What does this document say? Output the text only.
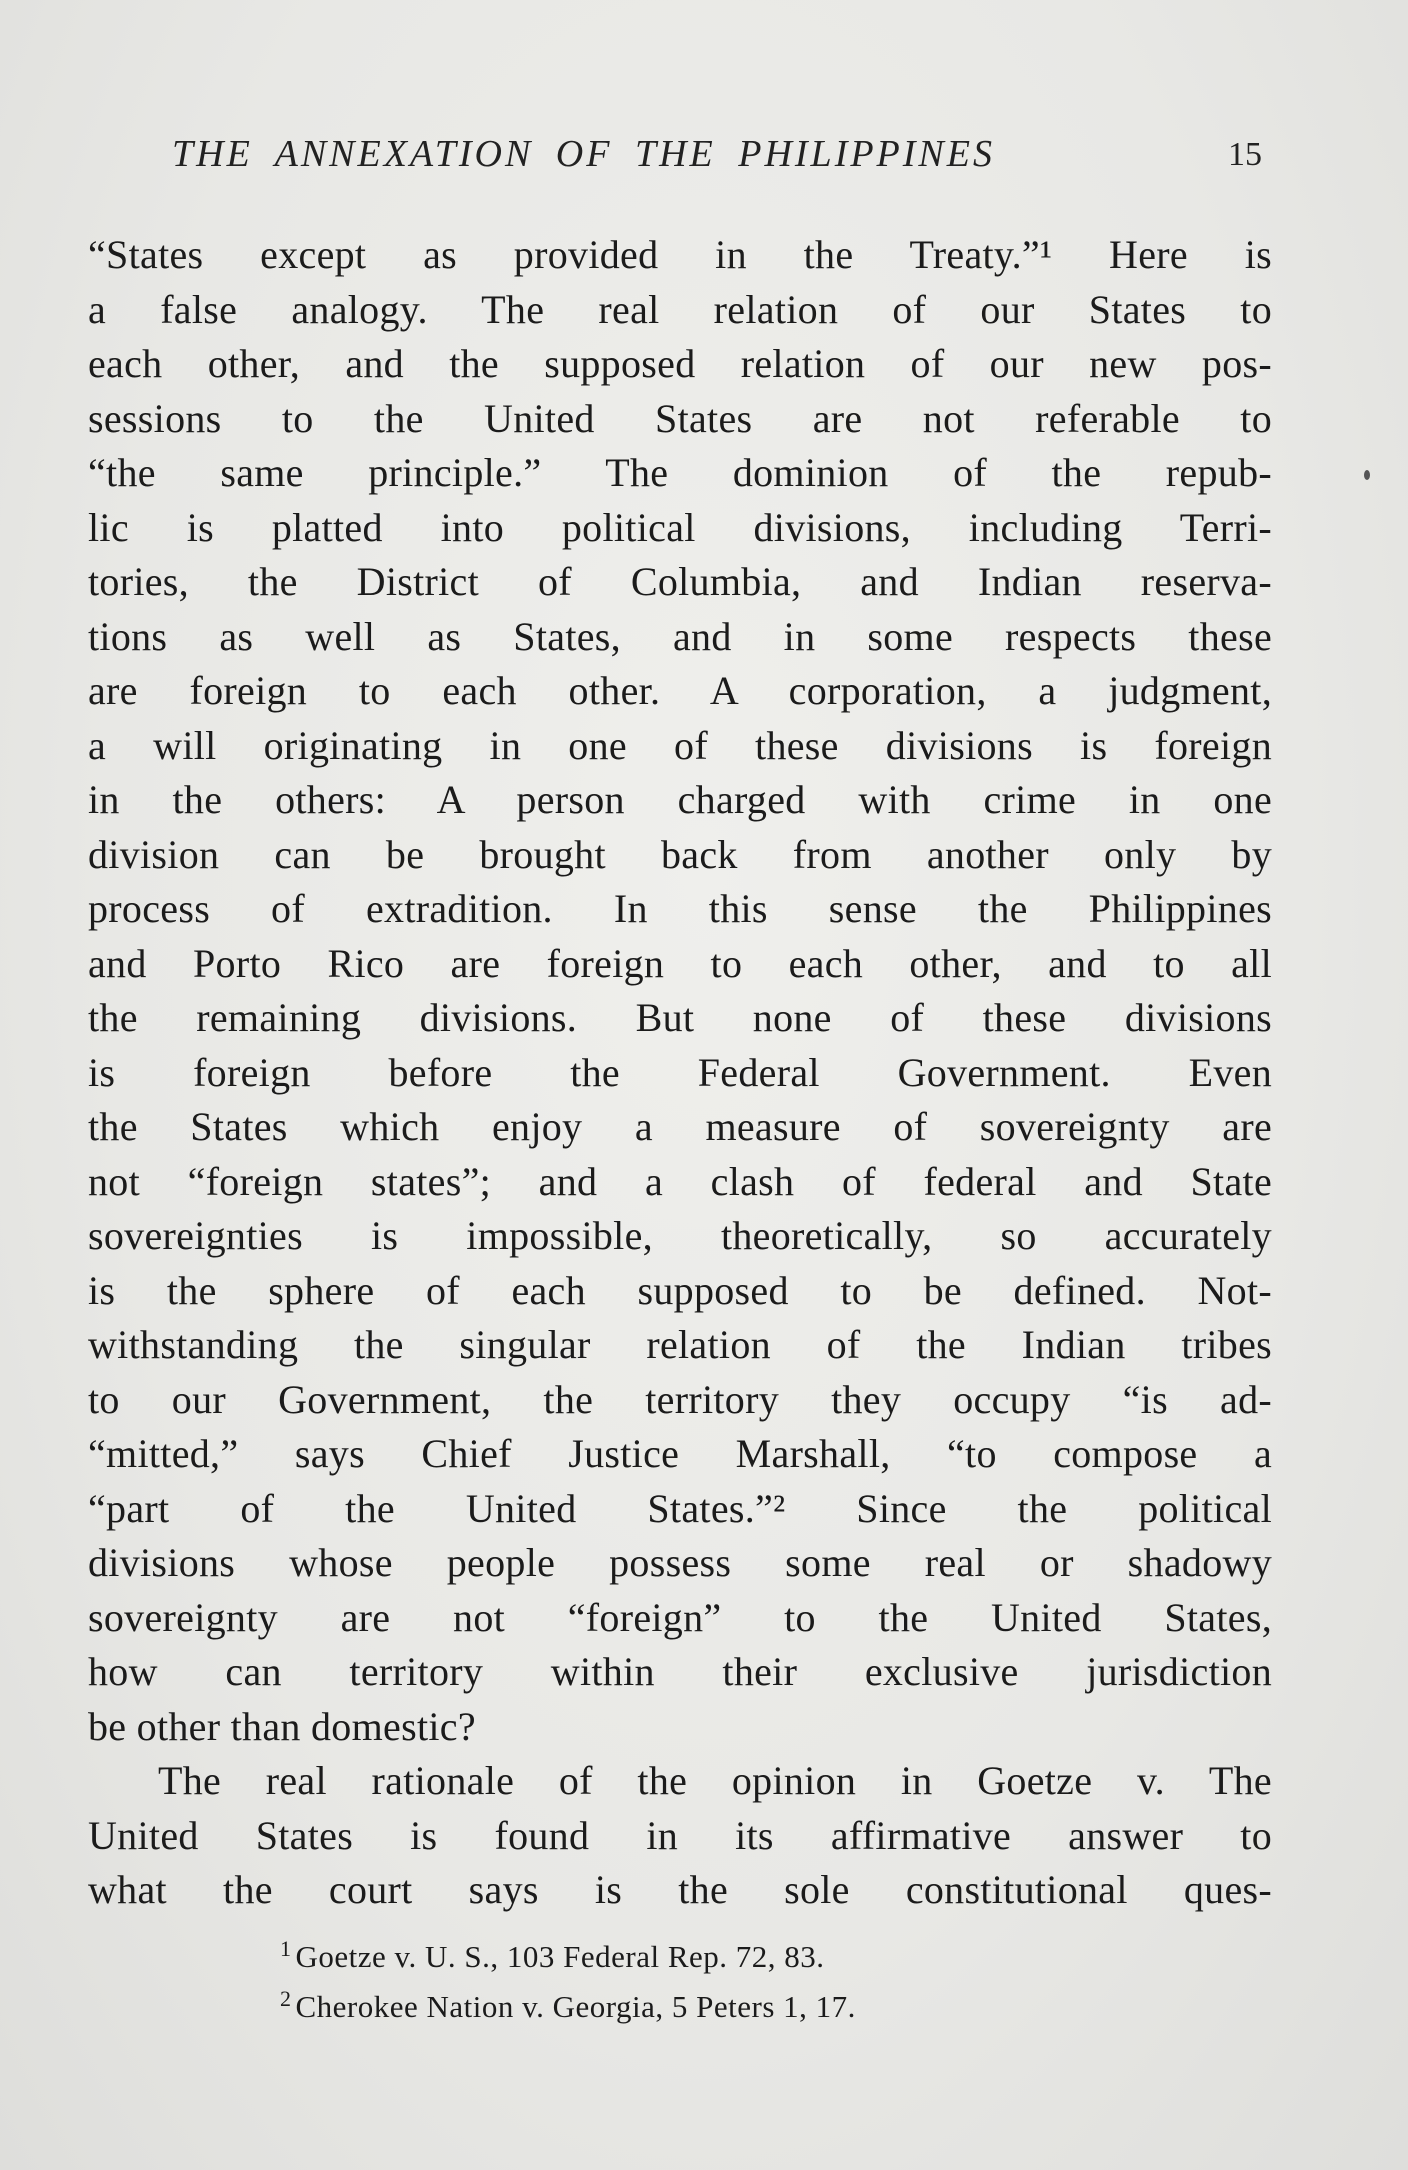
THE ANNEXATION OF THE PHILIPPINES	15
“States except as provided in the Treaty.”¹ Here is
a false analogy. The real relation of our States to
each other, and the supposed relation of our new pos-
sessions to the United States are not referable to
“the same principle.” The dominion of the repub-
lic is platted into political divisions, including Terri-
tories, the District of Columbia, and Indian reserva-
tions as well as States, and in some respects these
are foreign to each other. A corporation, a judgment,
a will originating in one of these divisions is foreign
in the others: A person charged with crime in one
division can be brought back from another only by
process of extradition. In this sense the Philippines
and Porto Rico are foreign to each other, and to all
the remaining divisions. But none of these divisions
is foreign before the Federal Government. Even
the States which enjoy a measure of sovereignty are
not “foreign states”; and a clash of federal and State
sovereignties is impossible, theoretically, so accurately
is the sphere of each supposed to be defined. Not-
withstanding the singular relation of the Indian tribes
to our Government, the territory they occupy “is ad-
“mitted,” says Chief Justice Marshall, “to compose a
“part of the United States.”² Since the political
divisions whose people possess some real or shadowy
sovereignty are not “foreign” to the United States,
how can territory within their exclusive jurisdiction
be other than domestic?
The real rationale of the opinion in Goetze v. The
United States is found in its affirmative answer to
what the court says is the sole constitutional ques-
$^1$ Goetze v. U. S., 103 Federal Rep. 72, 83.
$^2$ Cherokee Nation v. Georgia, 5 Peters 1, 17.
